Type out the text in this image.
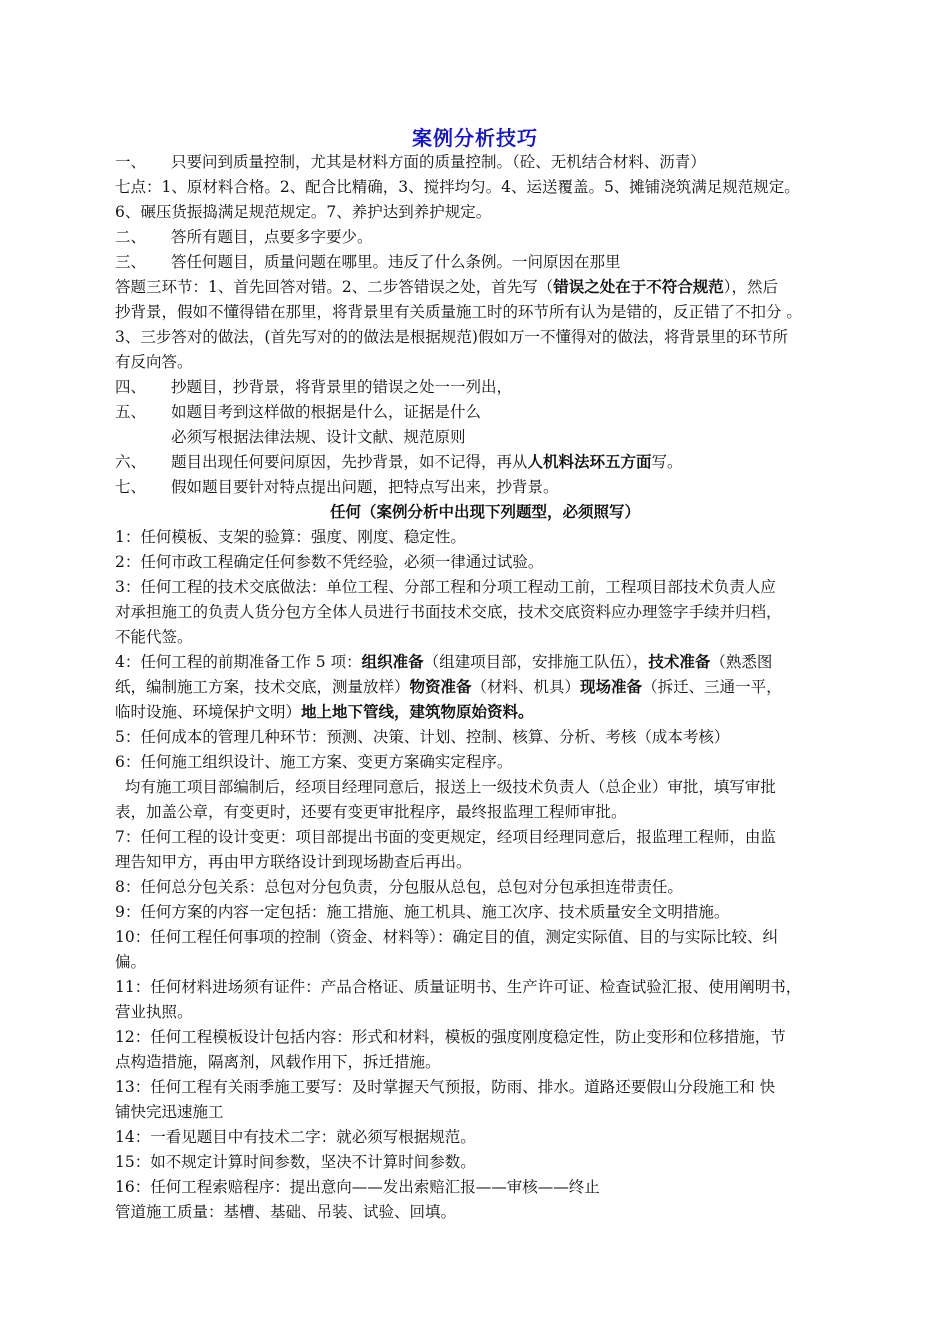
案例分析技巧
一、 只要问到质量控制，尤其是材料方面的质量控制。（砼、无机结合材料、沥青）
七点：1、原材料合格。2、配合比精确，3、搅拌均匀。4、运送覆盖。5、摊铺浇筑满足规范规定。
6、碾压货振捣满足规范规定。7、养护达到养护规定。
二、 答所有题目，点要多字要少。
三、 答任何题目，质量问题在哪里。违反了什么条例。一问原因在那里
答题三环节：1、首先回答对错。2、二步答错误之处，首先写（错误之处在于不符合规范），然后
抄背景，假如不懂得错在那里，将背景里有关质量施工时的环节所有认为是错的，反正错了不扣分 。
3、三步答对的做法，(首先写对的的做法是根据规范)假如万一不懂得对的做法，将背景里的环节所
有反向答。
四、 抄题目，抄背景，将背景里的错误之处一一列出，
五、 如题目考到这样做的根据是什么，证据是什么
必须写根据法律法规、设计文献、规范原则
六、 题目出现任何要问原因，先抄背景，如不记得，再从人机料法环五方面写。
七、 假如题目要针对特点提出问题，把特点写出来，抄背景。
任何（案例分析中出现下列题型，必须照写）
1：任何模板、支架的验算：强度、刚度、稳定性。
2：任何市政工程确定任何参数不凭经验，必须一律通过试验。
3：任何工程的技术交底做法：单位工程、分部工程和分项工程动工前，工程项目部技术负责人应
对承担施工的负责人货分包方全体人员进行书面技术交底，技术交底资料应办理签字手续并归档，
不能代签。
4：任何工程的前期准备工作 5 项：组织准备（组建项目部，安排施工队伍），技术准备（熟悉图
纸，编制施工方案，技术交底，测量放样）物资准备（材料、机具）现场准备（拆迁、三通一平，
临时设施、环境保护文明）地上地下管线，建筑物原始资料。
5：任何成本的管理几种环节：预测、决策、计划、控制、核算、分析、考核（成本考核）
6：任何施工组织设计、施工方案、变更方案确实定程序。
均有施工项目部编制后，经项目经理同意后，报送上一级技术负责人（总企业）审批，填写审批
表，加盖公章，有变更时，还要有变更审批程序，最终报监理工程师审批。
7：任何工程的设计变更：项目部提出书面的变更规定，经项目经理同意后，报监理工程师，由监
理告知甲方，再由甲方联络设计到现场勘查后再出。
8：任何总分包关系：总包对分包负责，分包服从总包，总包对分包承担连带责任。
9：任何方案的内容一定包括：施工措施、施工机具、施工次序、技术质量安全文明措施。
10：任何工程任何事项的控制（资金、材料等）：确定目的值，测定实际值、目的与实际比较、纠
偏。
11：任何材料进场须有证件：产品合格证、质量证明书、生产许可证、检查试验汇报、使用阐明书，
营业执照。
12：任何工程模板设计包括内容：形式和材料，模板的强度刚度稳定性，防止变形和位移措施，节
点构造措施，隔离剂，风载作用下，拆迁措施。
13：任何工程有关雨季施工要写：及时掌握天气预报，防雨、排水。道路还要假山分段施工和 快
铺快完迅速施工
14：一看见题目中有技术二字：就必须写根据规范。
15：如不规定计算时间参数，坚决不计算时间参数。
16：任何工程索赔程序：提出意向——发出索赔汇报——审核——终止
管道施工质量：基槽、基础、吊装、试验、回填。
